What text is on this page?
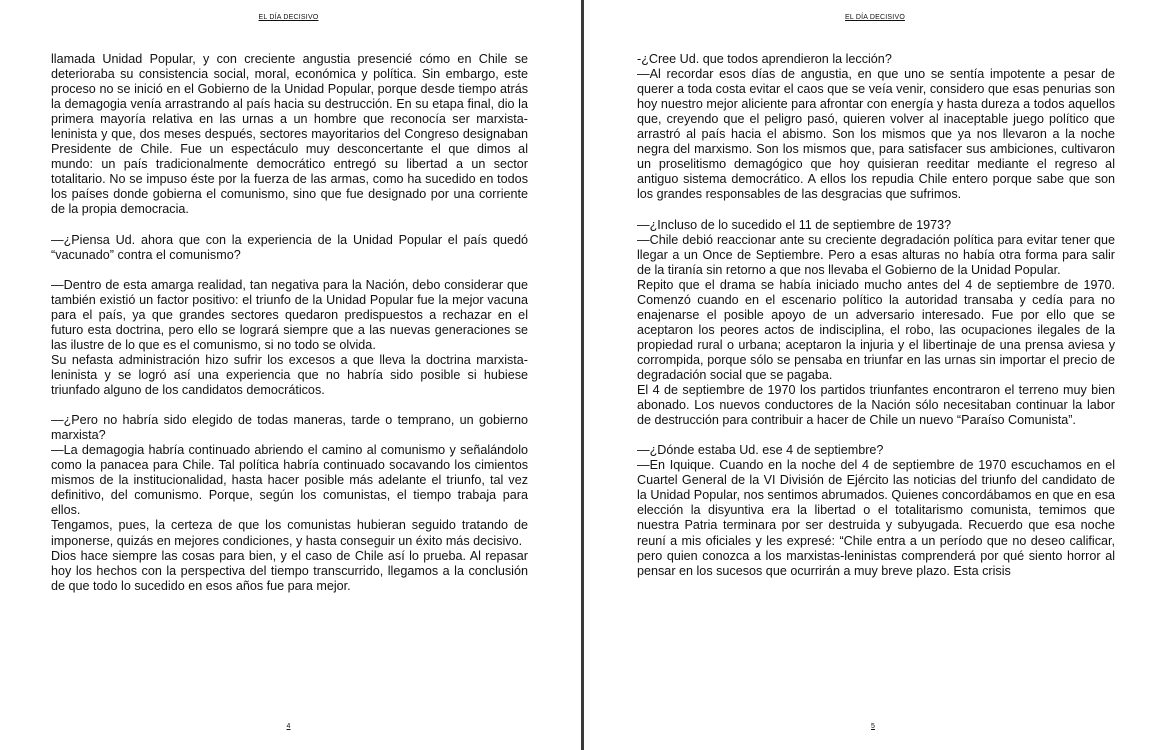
EL DÍA DECISIVO

llamada Unidad Popular, y con creciente angustia presencié cómo en Chile se deterioraba su consistencia social, moral, económica y política. Sin embargo, este proceso no se inició en el Gobierno de la Unidad Popular, porque desde tiempo atrás la demagogia venía arrastrando al país hacia su destrucción. En su etapa final, dio la primera mayoría relativa en las urnas a un hombre que reconocía ser marxista-leninista y que, dos meses después, sectores mayoritarios del Congreso designaban Presidente de Chile. Fue un espectáculo muy desconcertante el que dimos al mundo: un país tradicionalmente democrático entregó su libertad a un sector totalitario. No se impuso éste por la fuerza de las armas, como ha sucedido en todos los países donde gobierna el comunismo, sino que fue designado por una corriente de la propia democracia.

—¿Piensa Ud. ahora que con la experiencia de la Unidad Popular el país quedó “vacunado” contra el comunismo?

—Dentro de esta amarga realidad, tan negativa para la Nación, debo considerar que también existió un factor positivo: el triunfo de la Unidad Popular fue la mejor vacuna para el país, ya que grandes sectores quedaron predispuestos a rechazar en el futuro esta doctrina, pero ello se logrará siempre que a las nuevas generaciones se las ilustre de lo que es el comunismo, si no todo se olvida.

Su nefasta administración hizo sufrir los excesos a que lleva la doctrina marxista-leninista y se logró así una experiencia que no habría sido posible si hubiese triunfado alguno de los candidatos democráticos.

—¿Pero no habría sido elegido de todas maneras, tarde o temprano, un gobierno marxista?

—La demagogia habría continuado abriendo el camino al comunismo y señalándolo como la panacea para Chile. Tal política habría continuado socavando los cimientos mismos de la institucionalidad, hasta hacer posible más adelante el triunfo, tal vez definitivo, del comunismo. Porque, según los comunistas, el tiempo trabaja para ellos.

Tengamos, pues, la certeza de que los comunistas hubieran seguido tratando de imponerse, quizás en mejores condiciones, y hasta conseguir un éxito más decisivo.

Dios hace siempre las cosas para bien, y el caso de Chile así lo prueba. Al repasar hoy los hechos con la perspectiva del tiempo transcurrido, llegamos a la conclusión de que todo lo sucedido en esos años fue para mejor.

4
EL DÍA DECISIVO

-¿Cree Ud. que todos aprendieron la lección?

—Al recordar esos días de angustia, en que uno se sentía impotente a pesar de querer a toda costa evitar el caos que se veía venir, considero que esas penurias son hoy nuestro mejor aliciente para afrontar con energía y hasta dureza a todos aquellos que, creyendo que el peligro pasó, quieren volver al inaceptable juego político que arrastró al país hacia el abismo. Son los mismos que ya nos llevaron a la noche negra del marxismo. Son los mismos que, para satisfacer sus ambiciones, cultivaron un proselitismo demagógico que hoy quisieran reeditar mediante el regreso al antiguo sistema democrático. A ellos los repudia Chile entero porque sabe que son los grandes responsables de las desgracias que sufrimos.

—¿Incluso de lo sucedido el 11 de septiembre de 1973?

—Chile debió reaccionar ante su creciente degradación política para evitar tener que llegar a un Once de Septiembre. Pero a esas alturas no había otra forma para salir de la tiranía sin retorno a que nos llevaba el Gobierno de la Unidad Popular.

Repito que el drama se había iniciado mucho antes del 4 de septiembre de 1970. Comenzó cuando en el escenario político la autoridad transaba y cedía para no enajenarse el posible apoyo de un adversario interesado. Fue por ello que se aceptaron los peores actos de indisciplina, el robo, las ocupaciones ilegales de la propiedad rural o urbana; aceptaron la injuria y el libertinaje de una prensa aviesa y corrompida, porque sólo se pensaba en triunfar en las urnas sin importar el precio de degradación social que se pagaba.

El 4 de septiembre de 1970 los partidos triunfantes encontraron el terreno muy bien abonado. Los nuevos conductores de la Nación sólo necesitaban continuar la labor de destrucción para contribuir a hacer de Chile un nuevo “Paraíso Comunista”.

—¿Dónde estaba Ud. ese 4 de septiembre?

—En Iquique. Cuando en la noche del 4 de septiembre de 1970 escuchamos en el Cuartel General de la VI División de Ejército las noticias del triunfo del candidato de la Unidad Popular, nos sentimos abrumados. Quienes concordábamos en que en esa elección la disyuntiva era la libertad o el totalitarismo comunista, temimos que nuestra Patria terminara por ser destruida y subyugada. Recuerdo que esa noche reuní a mis oficiales y les expresé: “Chile entra a un período que no deseo calificar, pero quien conozca a los marxistas-leninistas comprenderá por qué siento horror al pensar en los sucesos que ocurrirán a muy breve plazo. Esta crisis

5
